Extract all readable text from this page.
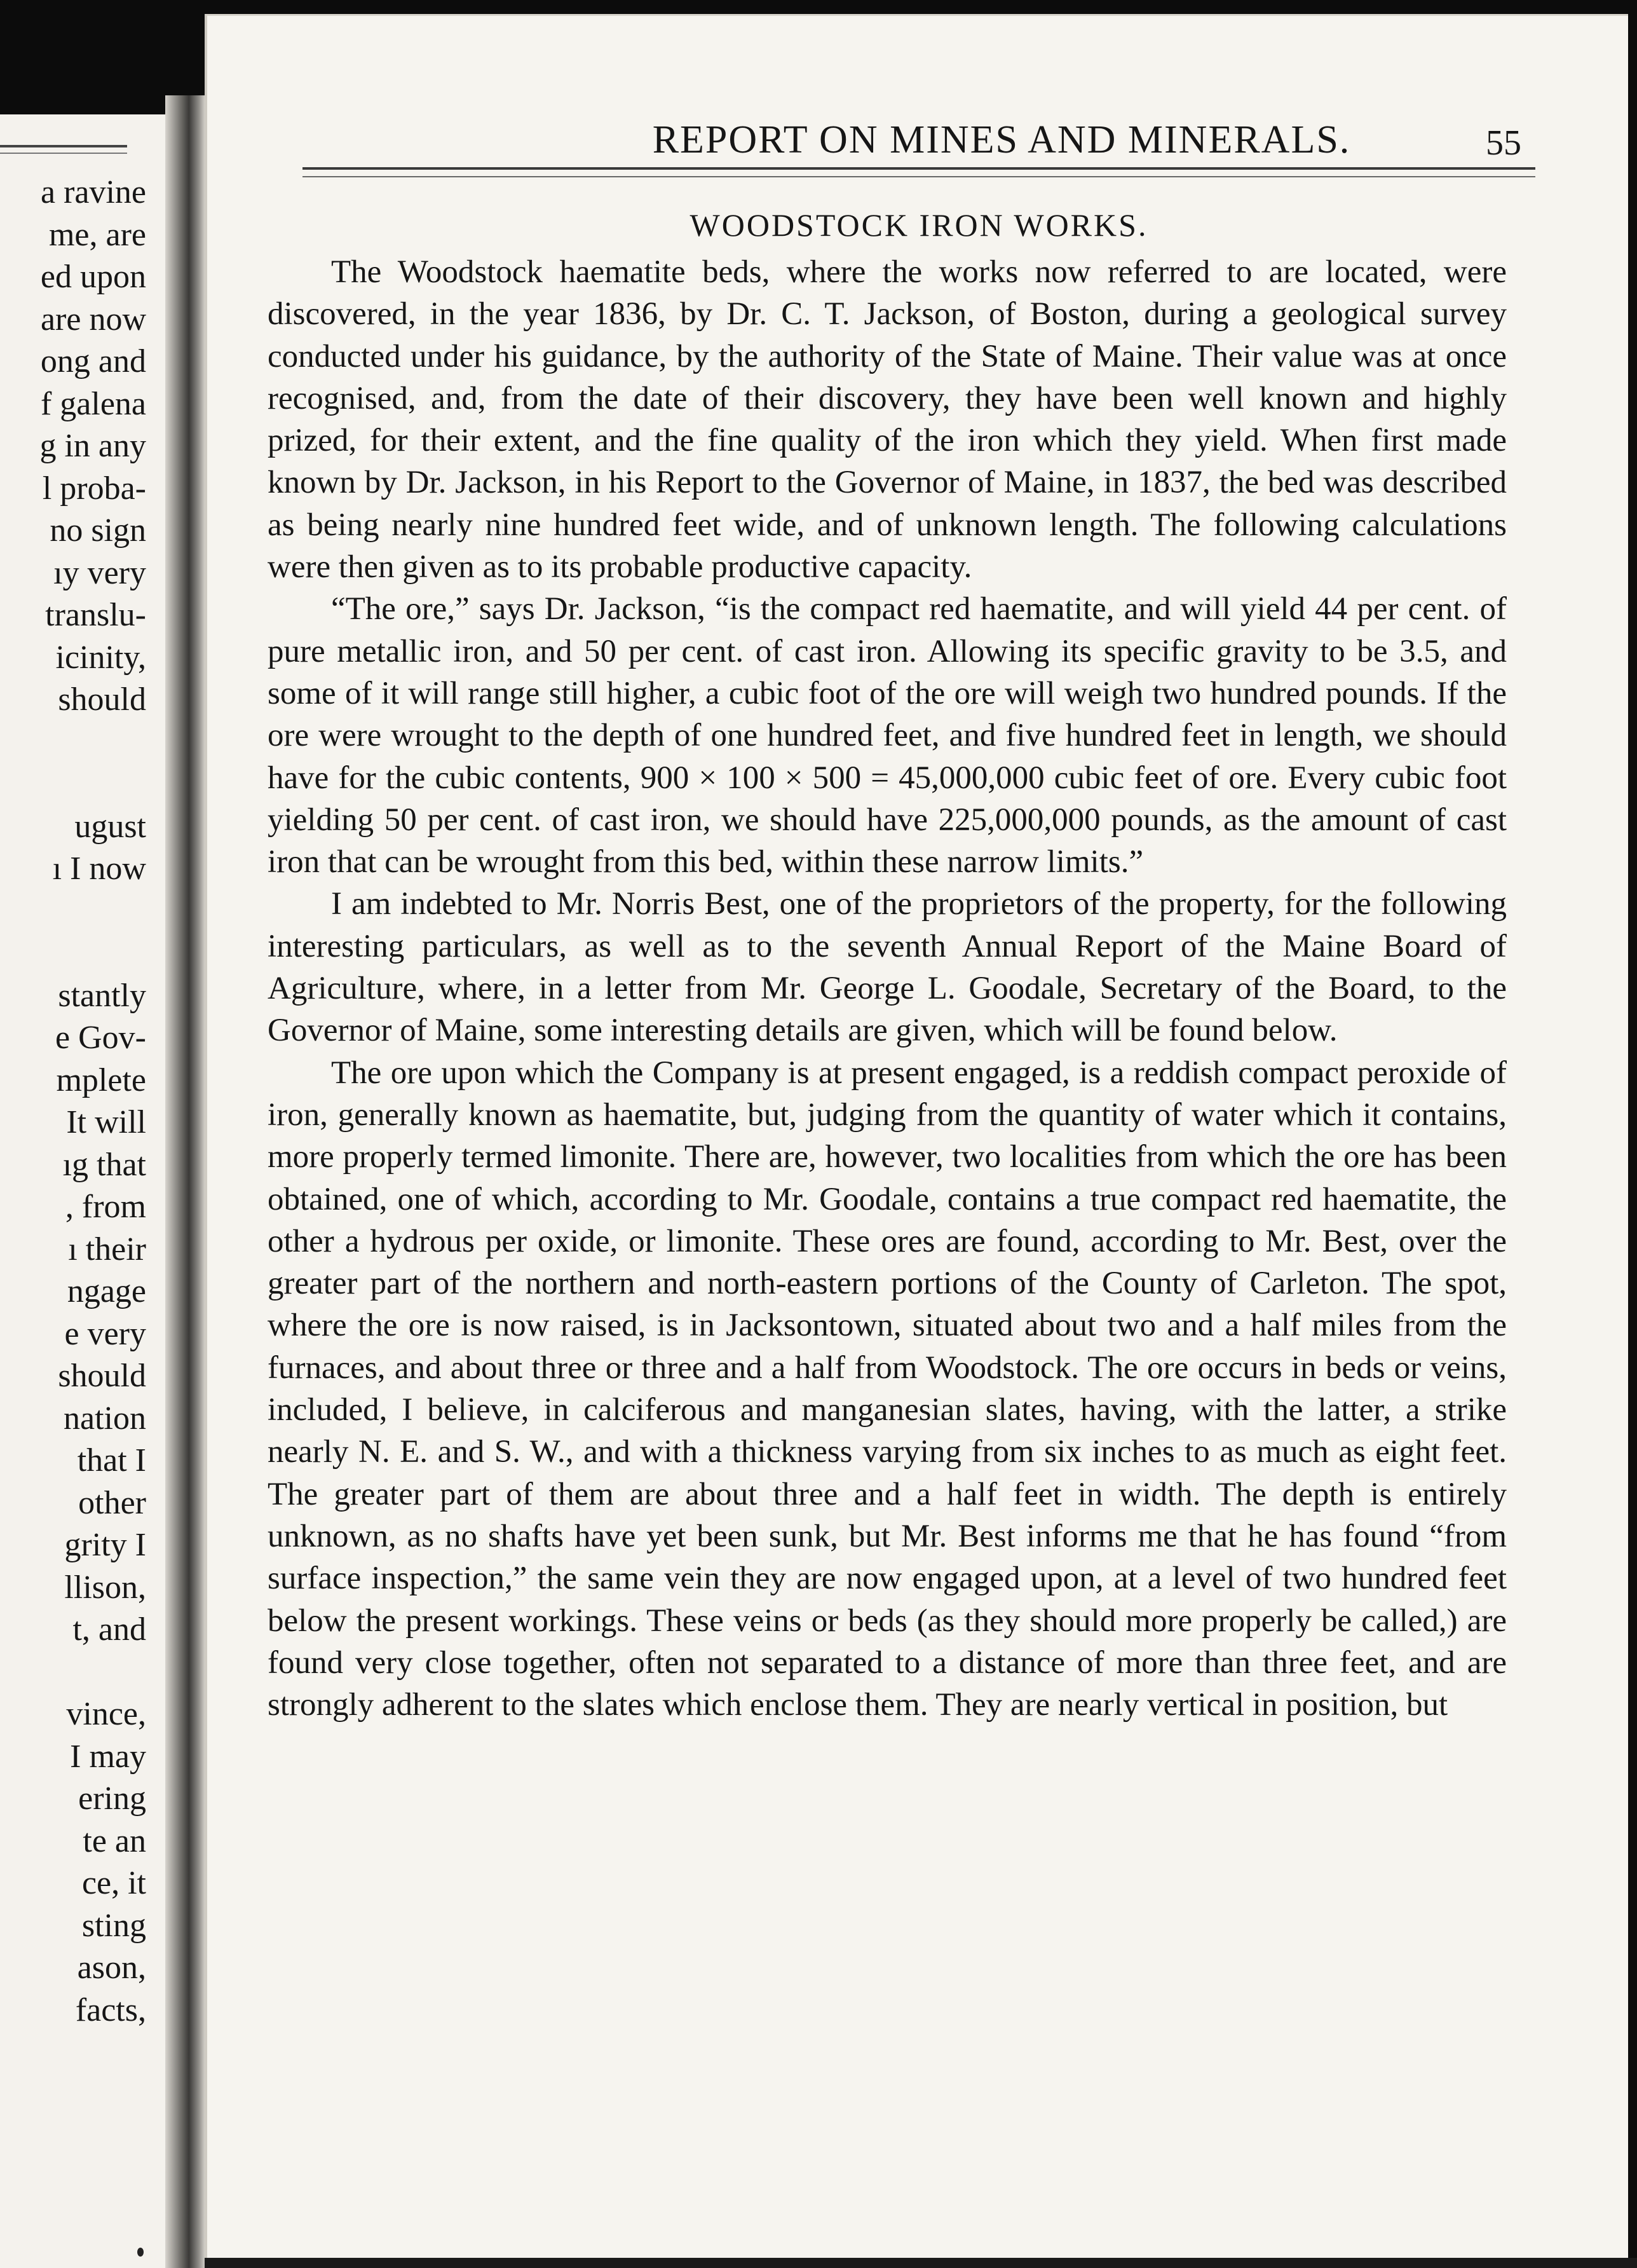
a ravine
me, are
ed upon
are now
ong and
f galena
g in any
l proba-
no sign
ıy very
translu-
icinity,
should
ugust
ı I now
stantly
e Gov-
mplete
It will
ıg that
, from
ı their
ngage
e very
should
nation
that I
other
grity I
llison,
t, and
vince,
I may
ering
te an
ce, it
sting
ason,
facts,
REPORT ON MINES AND MINERALS.	55
WOODSTOCK IRON WORKS.

The Woodstock haematite beds, where the works now referred to are located, were discovered, in the year 1836, by Dr. C. T. Jackson, of Boston, during a geological survey conducted under his guidance, by the authority of the State of Maine. Their value was at once recognised, and, from the date of their discovery, they have been well known and highly prized, for their extent, and the fine quality of the iron which they yield. When first made known by Dr. Jackson, in his Report to the Governor of Maine, in 1837, the bed was described as being nearly nine hundred feet wide, and of unknown length. The following calculations were then given as to its probable productive capacity.

“The ore,” says Dr. Jackson, “is the compact red haematite, and will yield 44 per cent. of pure metallic iron, and 50 per cent. of cast iron. Allowing its specific gravity to be 3.5, and some of it will range still higher, a cubic foot of the ore will weigh two hundred pounds. If the ore were wrought to the depth of one hundred feet, and five hundred feet in length, we should have for the cubic contents, 900 × 100 × 500 = 45,000,000 cubic feet of ore. Every cubic foot yielding 50 per cent. of cast iron, we should have 225,000,000 pounds, as the amount of cast iron that can be wrought from this bed, within these narrow limits.”

I am indebted to Mr. Norris Best, one of the proprietors of the property, for the following interesting particulars, as well as to the seventh Annual Report of the Maine Board of Agriculture, where, in a letter from Mr. George L. Goodale, Secretary of the Board, to the Governor of Maine, some interesting details are given, which will be found below.

The ore upon which the Company is at present engaged, is a reddish compact peroxide of iron, generally known as haematite, but, judging from the quantity of water which it contains, more properly termed limonite. There are, however, two localities from which the ore has been obtained, one of which, according to Mr. Goodale, contains a true compact red haematite, the other a hydrous per oxide, or limonite. These ores are found, according to Mr. Best, over the greater part of the northern and north-eastern portions of the County of Carleton. The spot, where the ore is now raised, is in Jacksontown, situated about two and a half miles from the furnaces, and about three or three and a half from Woodstock. The ore occurs in beds or veins, included, I believe, in calciferous and manganesian slates, having, with the latter, a strike nearly N. E. and S. W., and with a thickness varying from six inches to as much as eight feet. The greater part of them are about three and a half feet in width. The depth is entirely unknown, as no shafts have yet been sunk, but Mr. Best informs me that he has found “from surface inspection,” the same vein they are now engaged upon, at a level of two hundred feet below the present workings. These veins or beds (as they should more properly be called,) are found very close together, often not separated to a distance of more than three feet, and are strongly adherent to the slates which enclose them. They are nearly vertical in position, but
